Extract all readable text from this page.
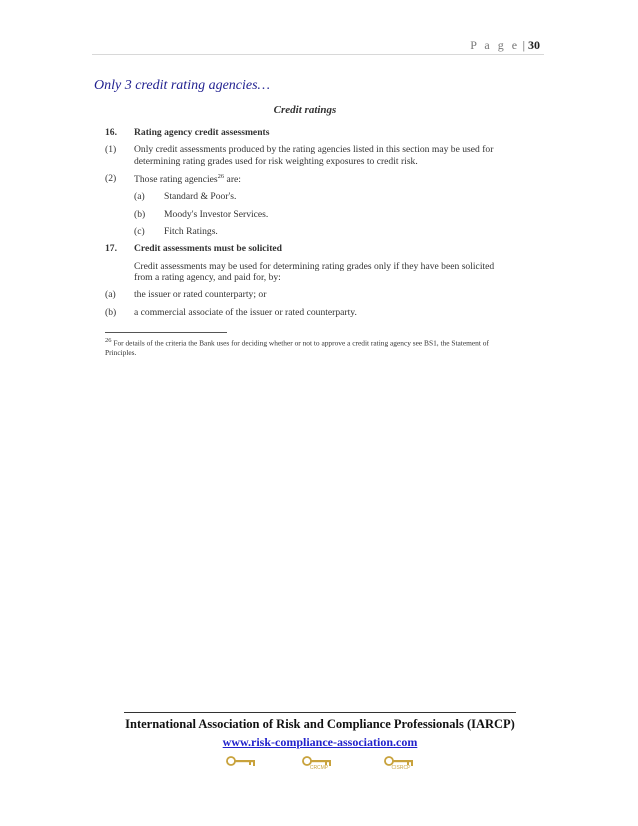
P a g e | 30
Only 3 credit rating agencies…
Credit ratings
16.	Rating agency credit assessments
(1)	Only credit assessments produced by the rating agencies listed in this section may be used for determining rating grades used for risk weighting exposures to credit risk.
(2)	Those rating agencies$^{26}$ are:
(a)	Standard & Poor's.
(b)	Moody's Investor Services.
(c)	Fitch Ratings.
17.	Credit assessments must be solicited
Credit assessments may be used for determining rating grades only if they have been solicited from a rating agency, and paid for, by:
(a)	the issuer or rated counterparty; or
(b)	a commercial associate of the issuer or rated counterparty.
$^{26}$ For details of the criteria the Bank uses for deciding whether or not to approve a credit rating agency see BS1, the Statement of Principles.
International Association of Risk and Compliance Professionals (IARCP)
www.risk-compliance-association.com
CRCMP	CISRCP
